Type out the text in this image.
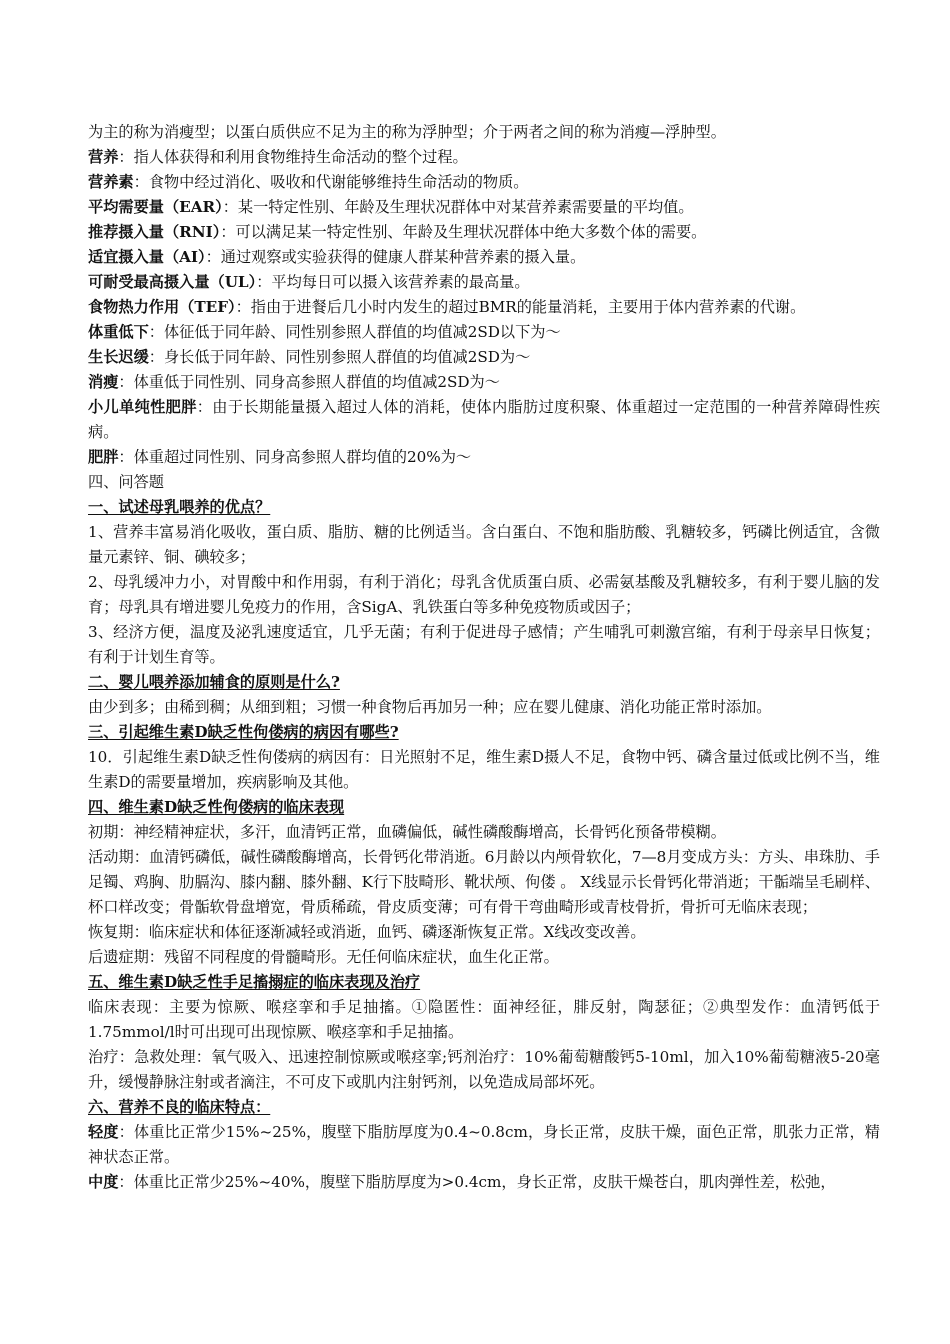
为主的称为消瘦型；以蛋白质供应不足为主的称为浮肿型；介于两者之间的称为消瘦—浮肿型。

营养：指人体获得和利用食物维持生命活动的整个过程。

营养素：食物中经过消化、吸收和代谢能够维持生命活动的物质。

平均需要量（EAR）：某一特定性别、年龄及生理状况群体中对某营养素需要量的平均值。

推荐摄入量（RNI）：可以满足某一特定性别、年龄及生理状况群体中绝大多数个体的需要。

适宜摄入量（AI）：通过观察或实验获得的健康人群某种营养素的摄入量。

可耐受最高摄入量（UL）：平均每日可以摄入该营养素的最高量。

食物热力作用（TEF）：指由于进餐后几小时内发生的超过BMR的能量消耗，主要用于体内营养素的代谢。

体重低下：体征低于同年龄、同性别参照人群值的均值减2SD以下为～

生长迟缓：身长低于同年龄、同性别参照人群值的均值减2SD为～

消瘦：体重低于同性别、同身高参照人群值的均值减2SD为～

小儿单纯性肥胖：由于长期能量摄入超过人体的消耗，使体内脂肪过度积聚、体重超过一定范围的一种营养障碍性疾病。

肥胖：体重超过同性别、同身高参照人群均值的20%为～

四、问答题

一、试述母乳喂养的优点？

1、营养丰富易消化吸收，蛋白质、脂肪、糖的比例适当。含白蛋白、不饱和脂肪酸、乳糖较多，钙磷比例适宜，含微量元素锌、铜、碘较多；

2、母乳缓冲力小，对胃酸中和作用弱，有利于消化；母乳含优质蛋白质、必需氨基酸及乳糖较多，有利于婴儿脑的发育；母乳具有增进婴儿免疫力的作用，含SigA、乳铁蛋白等多种免疫物质或因子；

3、经济方便，温度及泌乳速度适宜，几乎无菌；有利于促进母子感情；产生哺乳可刺激宫缩，有利于母亲早日恢复；有利于计划生育等。

二、婴儿喂养添加辅食的原则是什么?

由少到多；由稀到稠；从细到粗；习惯一种食物后再加另一种；应在婴儿健康、消化功能正常时添加。

三、引起维生素D缺乏性佝偻病的病因有哪些?

10．引起维生素D缺乏性佝偻病的病因有：日光照射不足，维生素D摄人不足，食物中钙、磷含量过低或比例不当，维生素D的需要量增加，疾病影响及其他。

四、维生素D缺乏性佝偻病的临床表现

初期：神经精神症状，多汗，血清钙正常，血磷偏低，碱性磷酸酶增高，长骨钙化预备带模糊。

活动期：血清钙磷低，碱性磷酸酶增高，长骨钙化带消逝。6月龄以内颅骨软化，7—8月变成方头：方头、串珠肋、手足镯、鸡胸、肋膈沟、膝内翻、膝外翻、K行下肢畸形、靴状颅、佝偻 。 X线显示长骨钙化带消逝；干骺端呈毛刷样、杯口样改变；骨骺软骨盘增宽，骨质稀疏，骨皮质变薄；可有骨干弯曲畸形或青枝骨折，骨折可无临床表现；

恢复期：临床症状和体征逐渐减轻或消逝，血钙、磷逐渐恢复正常。X线改变改善。

后遗症期：残留不同程度的骨髓畸形。无任何临床症状，血生化正常。

五、维生素D缺乏性手足搐搦症的临床表现及治疗

临床表现：主要为惊厥、喉痉挛和手足抽搐。①隐匿性：面神经征，腓反射，陶瑟征；②典型发作：血清钙低于1.75mmol/l时可出现可出现惊厥、喉痉挛和手足抽搐。

治疗：急救处理：氧气吸入、迅速控制惊厥或喉痉挛;钙剂治疗：10%葡萄糖酸钙5-10ml，加入10%葡萄糖液5-20毫升，缓慢静脉注射或者滴注，不可皮下或肌内注射钙剂，以免造成局部坏死。

六、营养不良的临床特点：

轻度：体重比正常少15%~25%，腹壁下脂肪厚度为0.4~0.8cm，身长正常，皮肤干燥，面色正常，肌张力正常，精神状态正常。

中度：体重比正常少25%~40%，腹壁下脂肪厚度为>0.4cm，身长正常，皮肤干燥苍白，肌肉弹性差，松弛，
